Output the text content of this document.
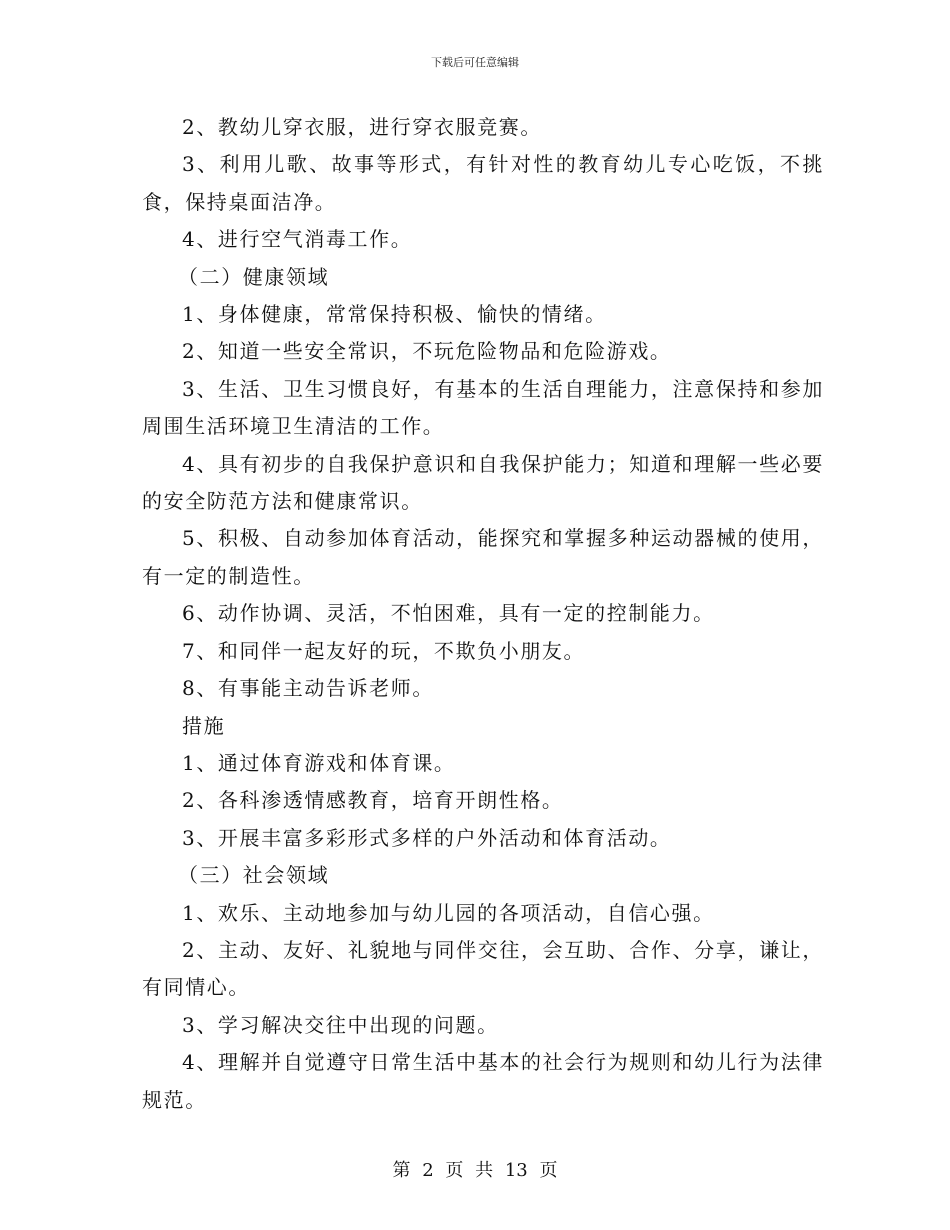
下载后可任意编辑

2、教幼儿穿衣服，进行穿衣服竞赛。

3、利用儿歌、故事等形式，有针对性的教育幼儿专心吃饭，不挑食，保持桌面洁净。

4、进行空气消毒工作。

（二）健康领域

1、身体健康，常常保持积极、愉快的情绪。

2、知道一些安全常识，不玩危险物品和危险游戏。

3、生活、卫生习惯良好，有基本的生活自理能力，注意保持和参加周围生活环境卫生清洁的工作。

4、具有初步的自我保护意识和自我保护能力；知道和理解一些必要的安全防范方法和健康常识。

5、积极、自动参加体育活动，能探究和掌握多种运动器械的使用，有一定的制造性。

6、动作协调、灵活，不怕困难，具有一定的控制能力。

7、和同伴一起友好的玩，不欺负小朋友。

8、有事能主动告诉老师。

措施

1、通过体育游戏和体育课。

2、各科渗透情感教育，培育开朗性格。

3、开展丰富多彩形式多样的户外活动和体育活动。

（三）社会领域

1、欢乐、主动地参加与幼儿园的各项活动，自信心强。

2、主动、友好、礼貌地与同伴交往，会互助、合作、分享，谦让，有同情心。

3、学习解决交往中出现的问题。

4、理解并自觉遵守日常生活中基本的社会行为规则和幼儿行为法律规范。

第 2 页 共 13 页
